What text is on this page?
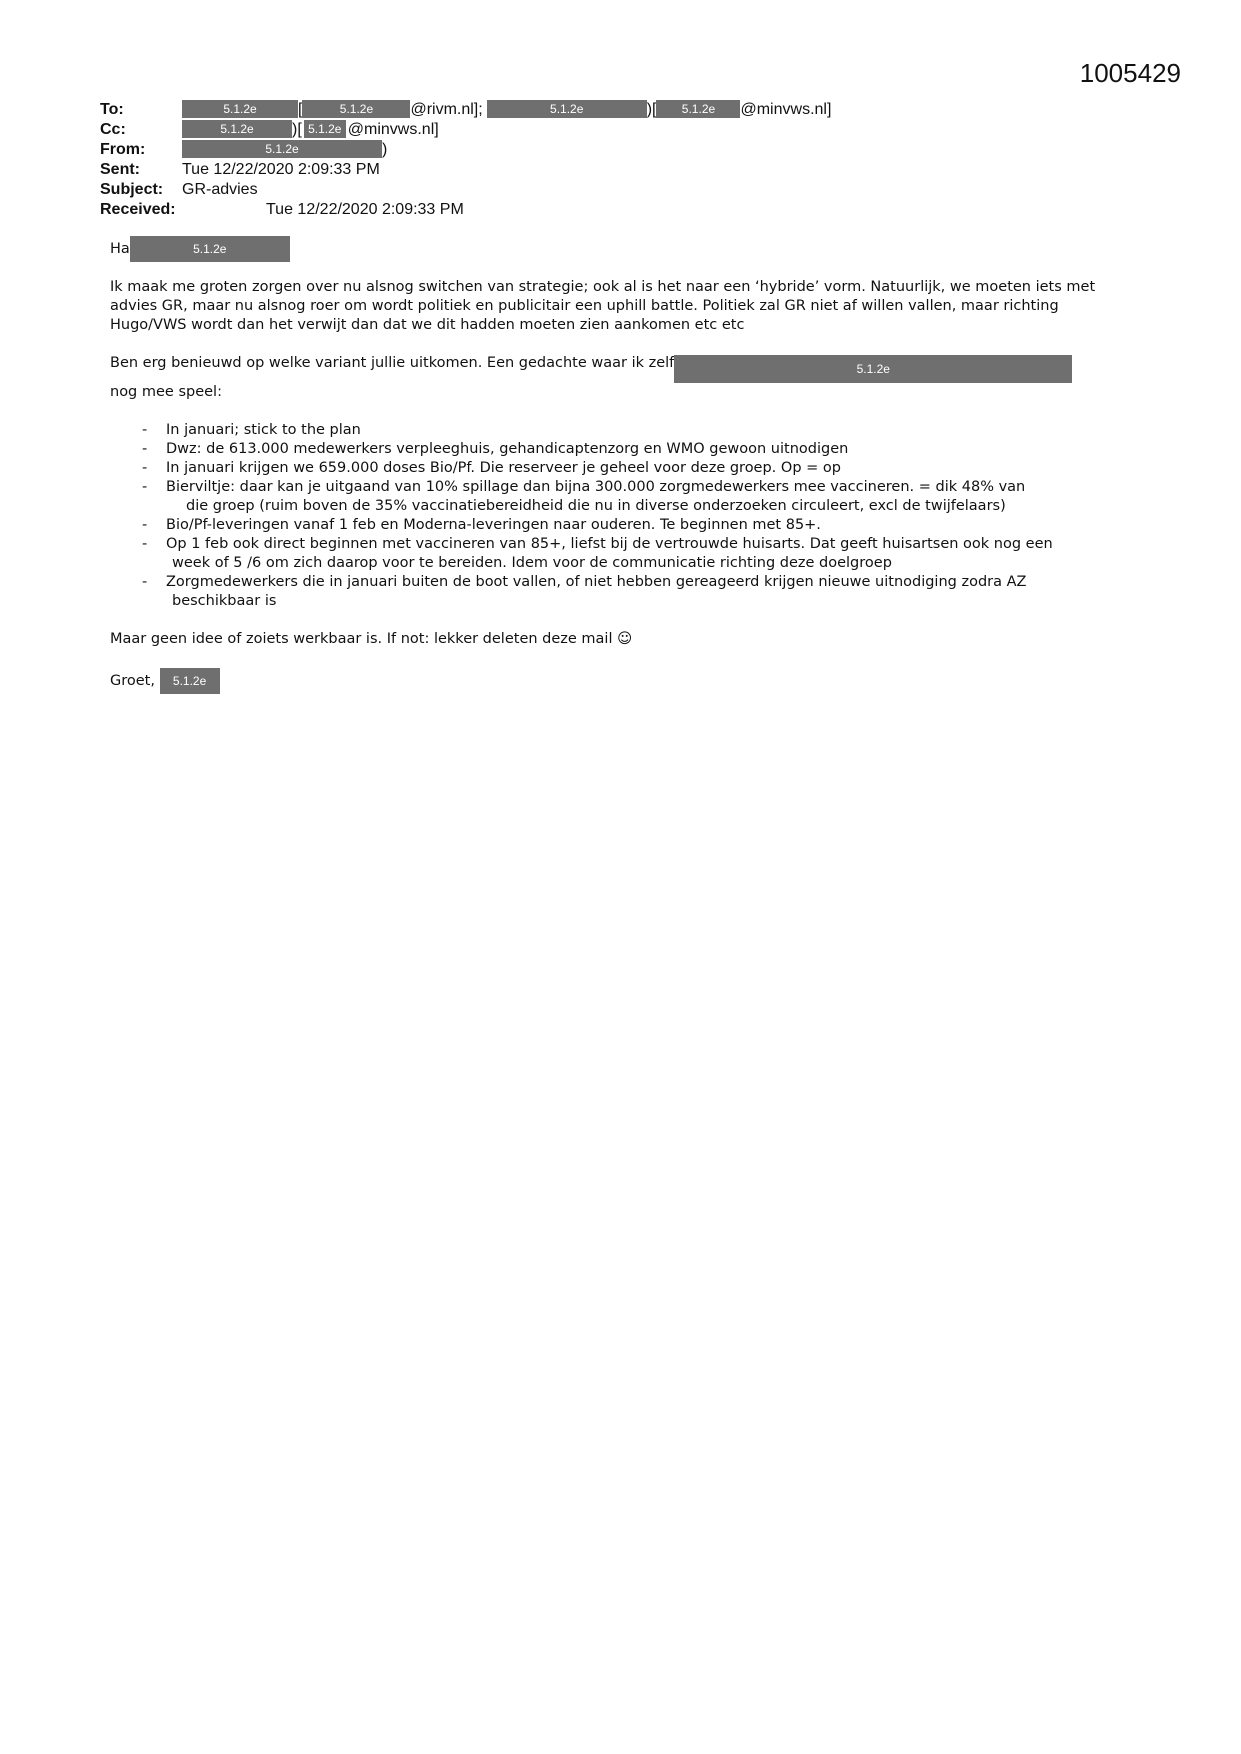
1005429
To:	5.1.2e	[	5.1.2e @rivm.nl];	5.1.2e	)[ 5.1.2e @minvws.nl]
Cc:	5.1.2e )[ 5.1.2e @minvws.nl]
From:	5.1.2e	)
Sent:	Tue 12/22/2020 2:09:33 PM
Subject: GR-advies
Received:	Tue 12/22/2020 2:09:33 PM

Ha	5.1.2e

Ik maak me groten zorgen over nu alsnog switchen van strategie; ook al is het naar een ‘hybride’ vorm. Natuurlijk, we moeten iets met advies GR, maar nu alsnog roer om wordt politiek en publicitair een uphill battle. Politiek zal GR niet af willen vallen, maar richting Hugo/VWS wordt dan het verwijt dan dat we dit hadden moeten zien aankomen etc etc

Ben erg benieuwd op welke variant jullie uitkomen. Een gedachte waar ik zelf	5.1.2e
nog mee speel:

- In januari; stick to the plan
- Dwz: de 613.000 medewerkers verpleeghuis, gehandicaptenzorg en WMO gewoon uitnodigen
- In januari krijgen we 659.000 doses Bio/Pf. Die reserveer je geheel voor deze groep. Op = op
- Bierviltje: daar kan je uitgaand van 10% spillage dan bijna 300.000 zorgmedewerkers mee vaccineren. = dik 48% van
die groep (ruim boven de 35% vaccinatiebereidheid die nu in diverse onderzoeken circuleert, excl de twijfelaars)
- Bio/Pf-leveringen vanaf 1 feb en Moderna-leveringen naar ouderen. Te beginnen met 85+.
- Op 1 feb ook direct beginnen met vaccineren van 85+, liefst bij de vertrouwde huisarts. Dat geeft huisartsen ook nog een
week of 5 /6 om zich daarop voor te bereiden. Idem voor de communicatie richting deze doelgroep
- Zorgmedewerkers die in januari buiten de boot vallen, of niet hebben gereageerd krijgen nieuwe uitnodiging zodra AZ
beschikbaar is

Maar geen idee of zoiets werkbaar is. If not: lekker deleten deze mail ☺

Groet,
	5.1.2e
